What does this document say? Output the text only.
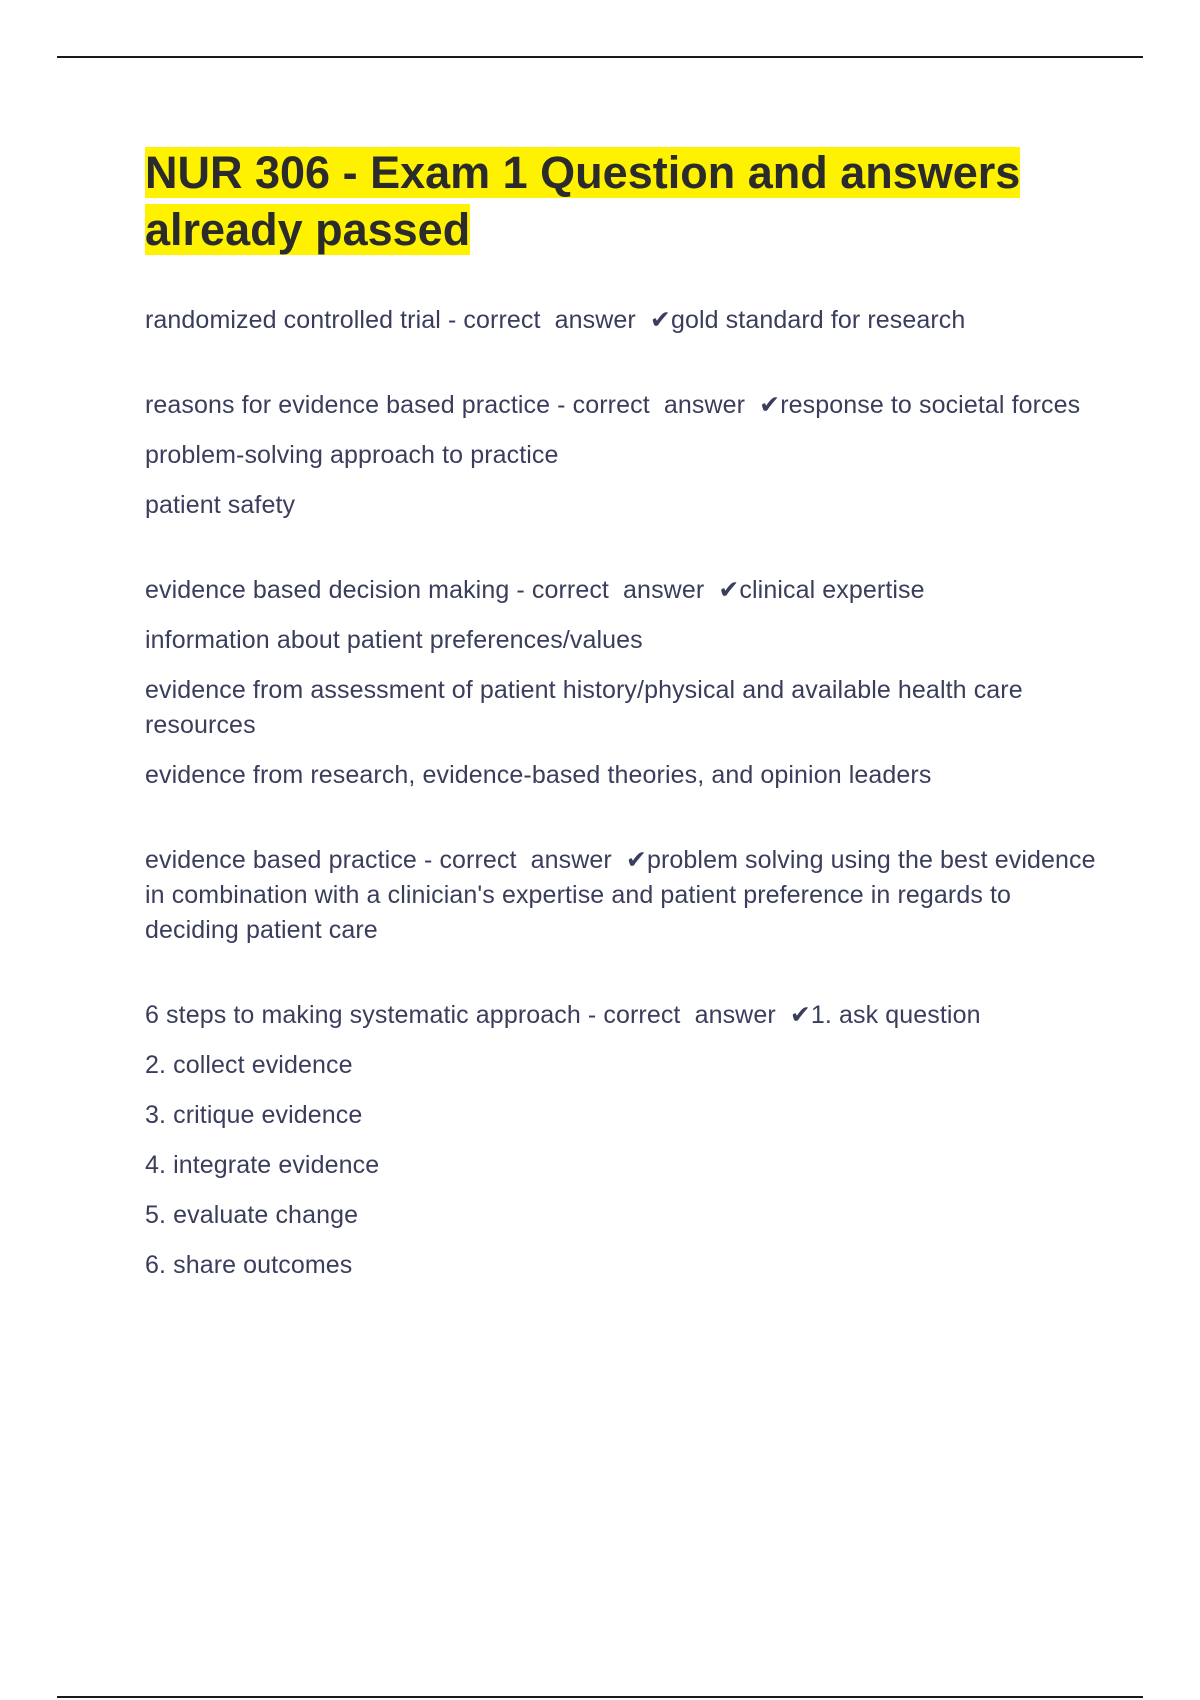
NUR 306 - Exam 1 Question and answers already passed

randomized controlled trial - correct  answer  ✔gold standard for research

reasons for evidence based practice - correct  answer  ✔response to societal forces

problem-solving approach to practice

patient safety

evidence based decision making - correct  answer  ✔clinical expertise

information about patient preferences/values

evidence from assessment of patient history/physical and available health care resources

evidence from research, evidence-based theories, and opinion leaders

evidence based practice - correct  answer  ✔problem solving using the best evidence in combination with a clinician's expertise and patient preference in regards to deciding patient care

6 steps to making systematic approach - correct  answer  ✔1. ask question

2. collect evidence

3. critique evidence

4. integrate evidence

5. evaluate change

6. share outcomes
